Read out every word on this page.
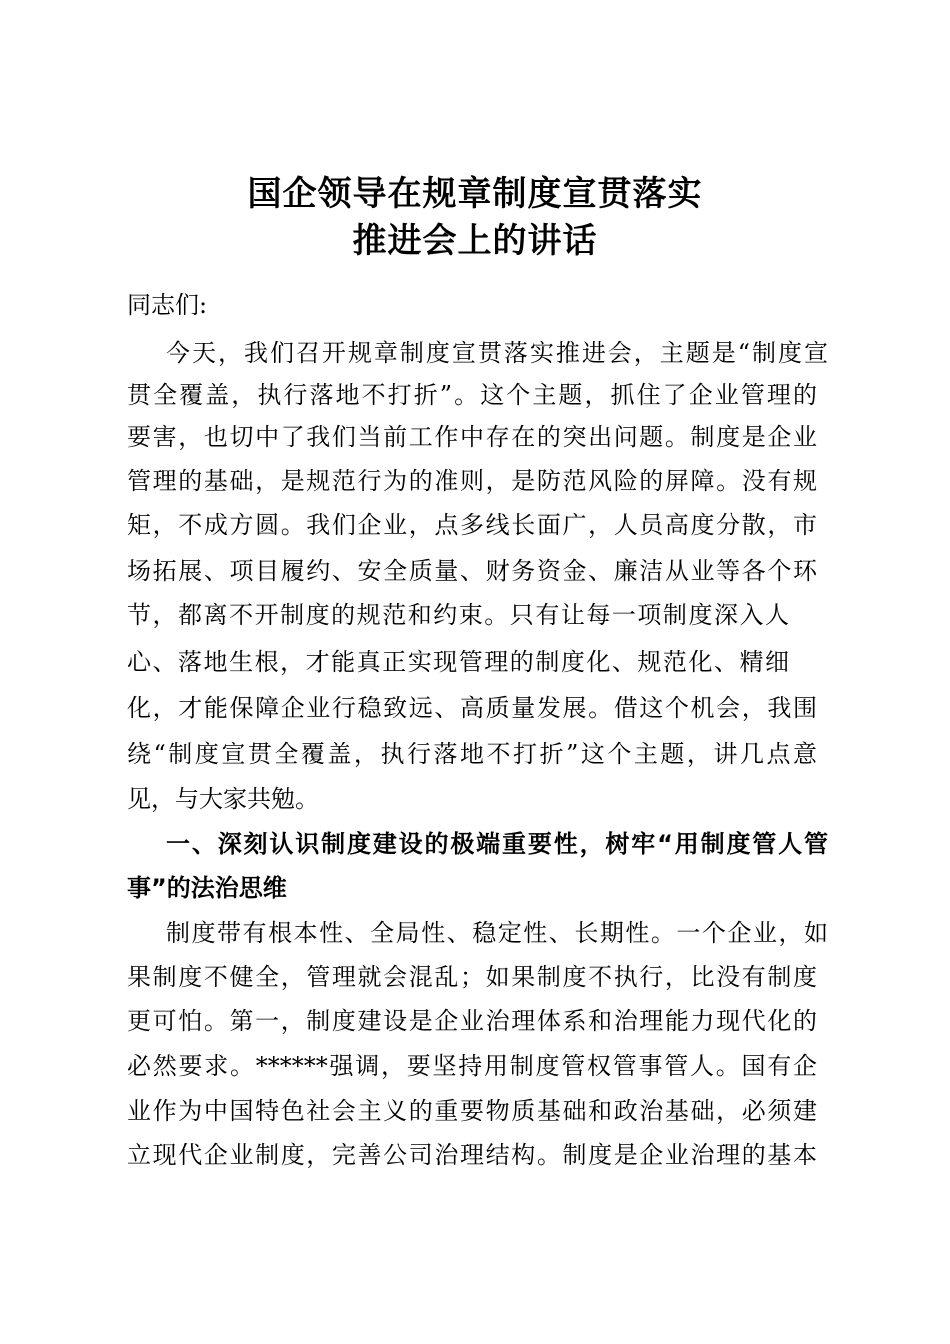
国企领导在规章制度宣贯落实
推进会上的讲话
同志们:
今天，我们召开规章制度宣贯落实推进会，主题是“制度宣
贯全覆盖，执行落地不打折”。这个主题，抓住了企业管理的
要害，也切中了我们当前工作中存在的突出问题。制度是企业
管理的基础，是规范行为的准则，是防范风险的屏障。没有规
矩，不成方圆。我们企业，点多线长面广，人员高度分散，市
场拓展、项目履约、安全质量、财务资金、廉洁从业等各个环
节，都离不开制度的规范和约束。只有让每一项制度深入人
心、落地生根，才能真正实现管理的制度化、规范化、精细
化，才能保障企业行稳致远、高质量发展。借这个机会，我围
绕“制度宣贯全覆盖，执行落地不打折”这个主题，讲几点意
见，与大家共勉。
一、深刻认识制度建设的极端重要性，树牢“用制度管人管
事”的法治思维
制度带有根本性、全局性、稳定性、长期性。一个企业，如
果制度不健全，管理就会混乱；如果制度不执行，比没有制度
更可怕。第一，制度建设是企业治理体系和治理能力现代化的
必然要求。******强调，要坚持用制度管权管事管人。国有企
业作为中国特色社会主义的重要物质基础和政治基础，必须建
立现代企业制度，完善公司治理结构。制度是企业治理的基本
